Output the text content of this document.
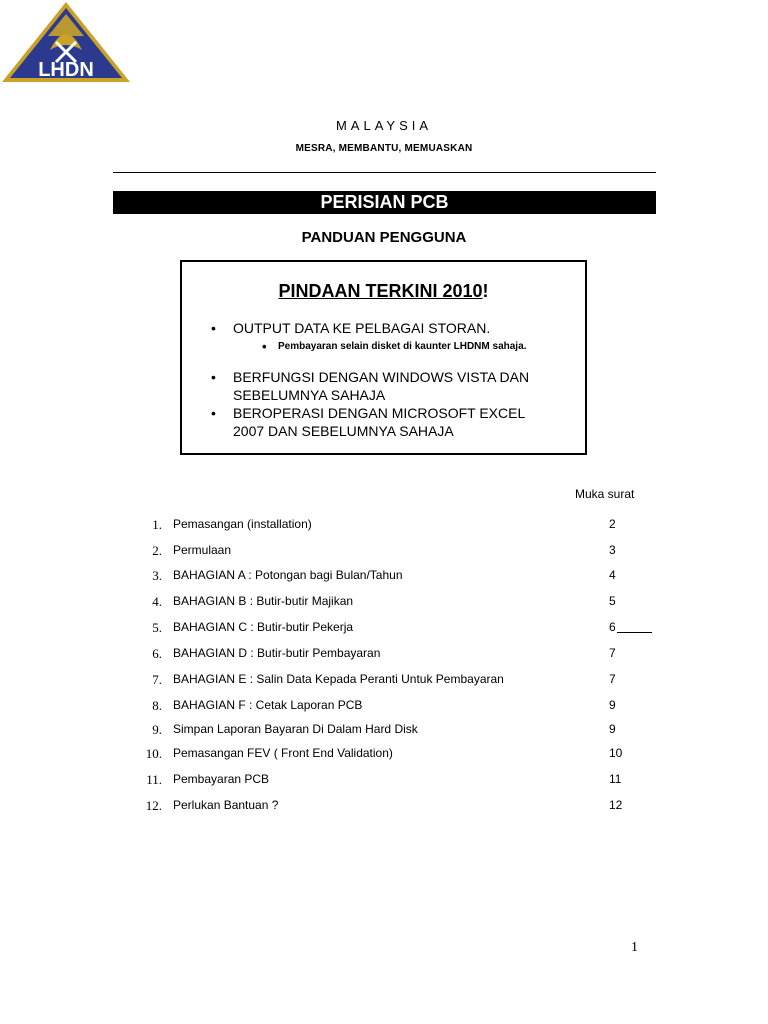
LHDN
MALAYSIA
MESRA, MEMBANTU, MEMUASKAN
PERISIAN PCB
PANDUAN PENGGUNA
PINDAAN TERKINI 2010!
• OUTPUT DATA KE PELBAGAI STORAN.
• Pembayaran selain disket di kaunter LHDNM sahaja.
• BERFUNGSI DENGAN WINDOWS VISTA DAN
SEBELUMNYA SAHAJA
• BEROPERASI DENGAN MICROSOFT EXCEL
2007 DAN SEBELUMNYA SAHAJA
Muka surat
1. Pemasangan (installation)	2
2. Permulaan	3
3. BAHAGIAN A : Potongan bagi Bulan/Tahun	4
4. BAHAGIAN B : Butir-butir Majikan	5
5. BAHAGIAN C : Butir-butir Pekerja	6
6. BAHAGIAN D : Butir-butir Pembayaran	7
7. BAHAGIAN E : Salin Data Kepada Peranti Untuk Pembayaran	7
8. BAHAGIAN F : Cetak Laporan PCB	9
9. Simpan Laporan Bayaran Di Dalam Hard Disk	9
10. Pemasangan FEV ( Front End Validation)	10
11. Pembayaran PCB	11
12. Perlukan Bantuan ?	12
1
